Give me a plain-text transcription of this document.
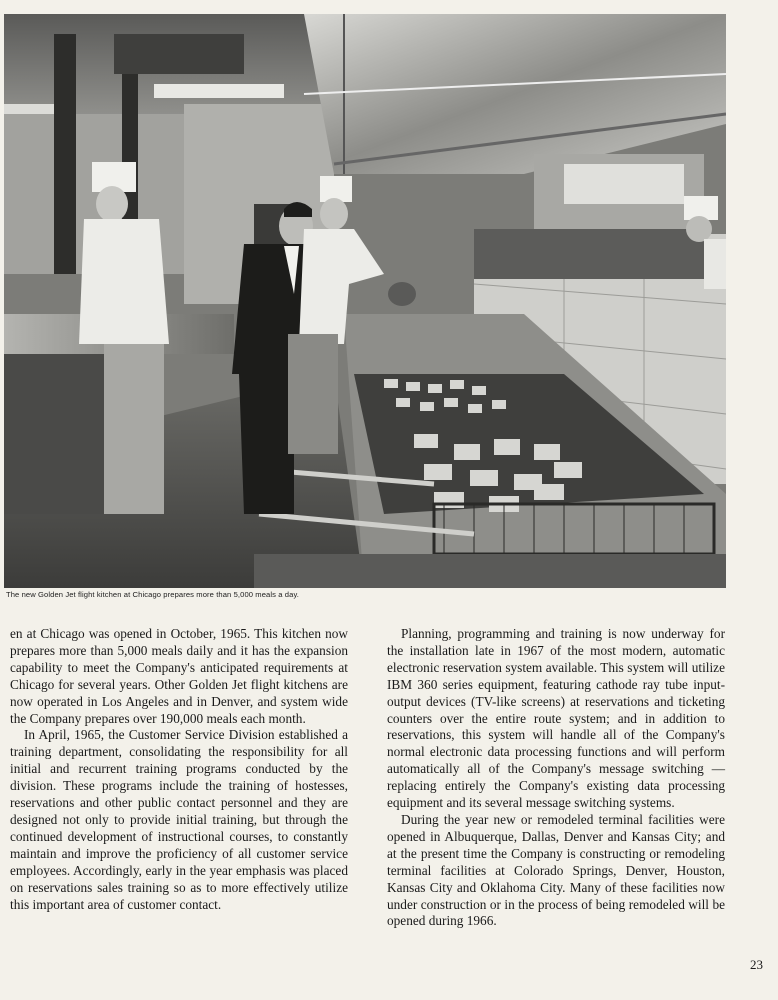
The new Golden Jet flight kitchen at Chicago prepares more than 5,000 meals a day.

en at Chicago was opened in October, 1965. This kitchen now prepares more than 5,000 meals daily and it has the expansion capability to meet the Company's anticipated requirements at Chicago for several years. Other Golden Jet flight kitchens are now operated in Los Angeles and in Denver, and system wide the Company prepares over 190,000 meals each month.

In April, 1965, the Customer Service Division established a training department, consolidating the responsibility for all initial and recurrent training programs conducted by the division. These programs include the training of hostesses, reservations and other public contact personnel and they are designed not only to provide initial training, but through the continued development of instructional courses, to constantly maintain and improve the proficiency of all customer service employees. Accordingly, early in the year emphasis was placed on reservations sales training so as to more effectively utilize this important area of customer contact.

Planning, programming and training is now underway for the installation late in 1967 of the most modern, automatic electronic reservation system available. This system will utilize IBM 360 series equipment, featuring cathode ray tube input-output devices (TV-like screens) at reservations and ticketing counters over the entire route system; and in addition to reservations, this system will handle all of the Company's normal electronic data processing functions and will perform automatically all of the Company's message switching — replacing entirely the Company's existing data processing equipment and its several message switching systems.

During the year new or remodeled terminal facilities were opened in Albuquerque, Dallas, Denver and Kansas City; and at the present time the Company is constructing or remodeling terminal facilities at Colorado Springs, Denver, Houston, Kansas City and Oklahoma City. Many of these facilities now under construction or in the process of being remodeled will be opened during 1966.

23
